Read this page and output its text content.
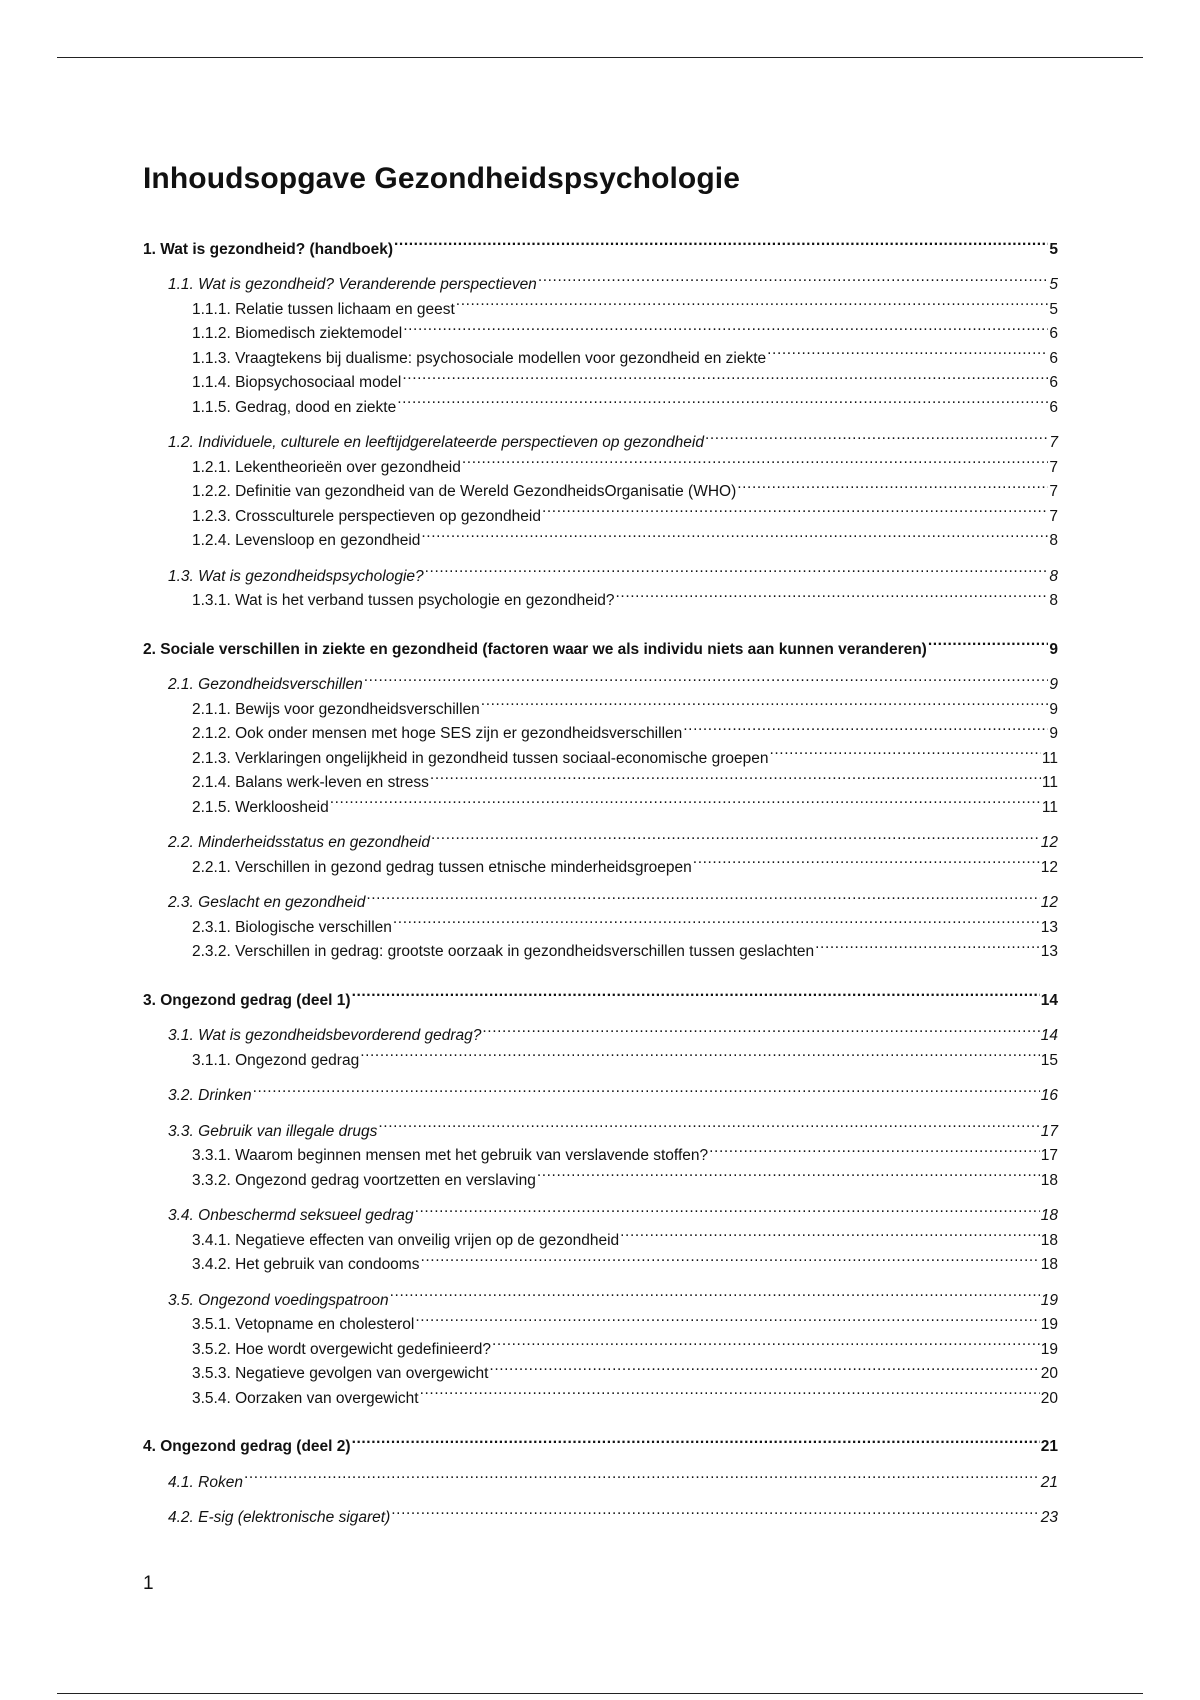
Inhoudsopgave Gezondheidspsychologie
1. Wat is gezondheid? (handboek) .....	5
1.1. Wat is gezondheid? Veranderende perspectieven .....	5
1.1.1. Relatie tussen lichaam en geest .....	5
1.1.2. Biomedisch ziektemodel .....	6
1.1.3. Vraagtekens bij dualisme: psychosociale modellen voor gezondheid en ziekte .....	6
1.1.4. Biopsychosociaal model .....	6
1.1.5. Gedrag, dood en ziekte .....	6
1.2. Individuele, culturele en leeftijdgerelateerde perspectieven op gezondheid .....	7
1.2.1. Lekentheorieën over gezondheid .....	7
1.2.2. Definitie van gezondheid van de Wereld GezondheidsOrganisatie (WHO) .....	7
1.2.3. Crossculturele perspectieven op gezondheid .....	7
1.2.4. Levensloop en gezondheid .....	8
1.3. Wat is gezondheidspsychologie? .....	8
1.3.1. Wat is het verband tussen psychologie en gezondheid? .....	8
2. Sociale verschillen in ziekte en gezondheid (factoren waar we als individu niets aan kunnen veranderen) .....	9
2.1. Gezondheidsverschillen .....	9
2.1.1. Bewijs voor gezondheidsverschillen .....	9
2.1.2. Ook onder mensen met hoge SES zijn er gezondheidsverschillen .....	9
2.1.3. Verklaringen ongelijkheid in gezondheid tussen sociaal-economische groepen .....	11
2.1.4. Balans werk-leven en stress .....	11
2.1.5. Werkloosheid .....	11
2.2. Minderheidsstatus en gezondheid .....	12
2.2.1. Verschillen in gezond gedrag tussen etnische minderheidsgroepen .....	12
2.3. Geslacht en gezondheid .....	12
2.3.1. Biologische verschillen .....	13
2.3.2. Verschillen in gedrag: grootste oorzaak in gezondheidsverschillen tussen geslachten .....	13
3. Ongezond gedrag (deel 1) .....	14
3.1. Wat is gezondheidsbevorderend gedrag? .....	14
3.1.1. Ongezond gedrag .....	15
3.2. Drinken .....	16
3.3. Gebruik van illegale drugs .....	17
3.3.1. Waarom beginnen mensen met het gebruik van verslavende stoffen? .....	17
3.3.2. Ongezond gedrag voortzetten en verslaving .....	18
3.4. Onbeschermd seksueel gedrag .....	18
3.4.1. Negatieve effecten van onveilig vrijen op de gezondheid .....	18
3.4.2. Het gebruik van condooms .....	18
3.5. Ongezond voedingspatroon .....	19
3.5.1. Vetopname en cholesterol .....	19
3.5.2. Hoe wordt overgewicht gedefinieerd? .....	19
3.5.3. Negatieve gevolgen van overgewicht .....	20
3.5.4. Oorzaken van overgewicht .....	20
4. Ongezond gedrag (deel 2) .....	21
4.1. Roken .....	21
4.2. E-sig (elektronische sigaret) .....	23
1
